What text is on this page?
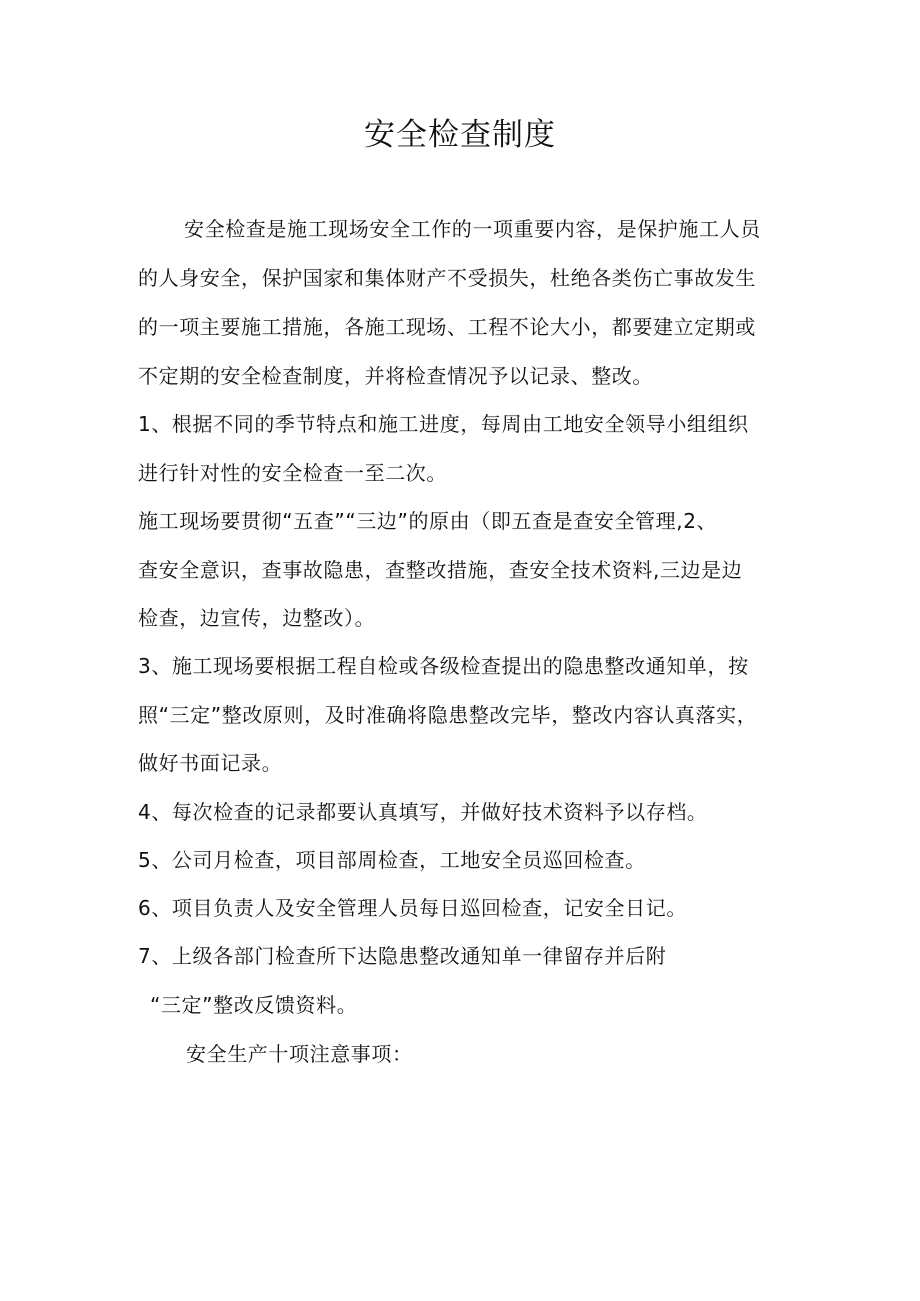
安全检查制度
安全检查是施工现场安全工作的一项重要内容，是保护施工人员
的人身安全，保护国家和集体财产不受损失，杜绝各类伤亡事故发生
的一项主要施工措施，各施工现场、工程不论大小，都要建立定期或
不定期的安全检查制度，并将检查情况予以记录、整改。
1、根据不同的季节特点和施工进度，每周由工地安全领导小组组织
进行针对性的安全检查一至二次。
施工现场要贯彻“五查”“三边”的原由（即五查是查安全管理,2、
查安全意识，查事故隐患，查整改措施，查安全技术资料,三边是边
检查，边宣传，边整改）。
3、施工现场要根据工程自检或各级检查提出的隐患整改通知单，按
照“三定”整改原则，及时准确将隐患整改完毕，整改内容认真落实，
做好书面记录。
4、每次检查的记录都要认真填写，并做好技术资料予以存档。
5、公司月检查，项目部周检查，工地安全员巡回检查。
6、项目负责人及安全管理人员每日巡回检查，记安全日记。
7、上级各部门检查所下达隐患整改通知单一律留存并后附
“三定”整改反馈资料。
安全生产十项注意事项：
